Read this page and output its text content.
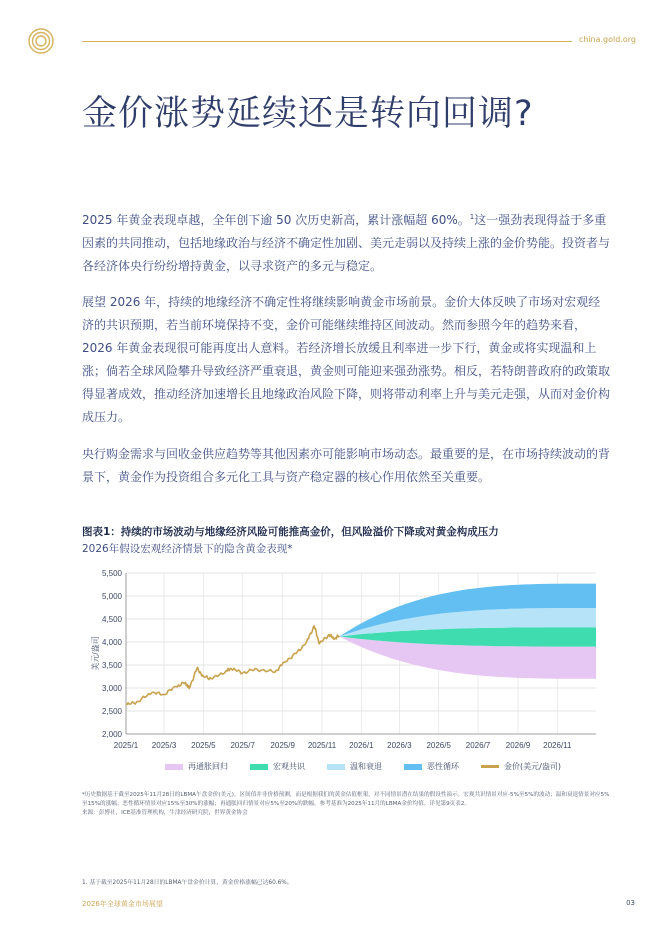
china.gold.org
金价涨势延续还是转向回调?
2025 年黄金表现卓越，全年创下逾 50 次历史新高，累计涨幅超 60%。$^1$这一强劲表现得益于多重因素的共同推动，包括地缘政治与经济不确定性加剧、美元走弱以及持续上涨的金价势能。投资者与各经济体央行纷纷增持黄金，以寻求资产的多元与稳定。
展望 2026 年，持续的地缘经济不确定性将继续影响黄金市场前景。金价大体反映了市场对宏观经济的共识预期，若当前环境保持不变，金价可能继续维持区间波动。然而参照今年的趋势来看，2026 年黄金表现很可能再度出人意料。若经济增长放缓且利率进一步下行，黄金或将实现温和上涨；倘若全球风险攀升导致经济严重衰退，黄金则可能迎来强劲涨势。相反，若特朗普政府的政策取得显著成效，推动经济加速增长且地缘政治风险下降，则将带动利率上升与美元走强，从而对金价构成压力。
央行购金需求与回收金供应趋势等其他因素亦可能影响市场动态。最重要的是，在市场持续波动的背景下，黄金作为投资组合多元化工具与资产稳定器的核心作用依然至关重要。
图表1：持续的市场波动与地缘经济风险可能推高金价，但风险溢价下降或对黄金构成压力
2026年假设宏观经济情景下的隐含黄金表现*
2,000
2,500
3,000
3,500
4,000
4,500
5,000
5,500
2025/1 2025/3 2025/5 2025/7 2025/9 2025/11 2026/1 2026/3 2026/5 2026/7 2026/9 2026/11
美元/盎司
再通胀回归	宏观共识	温和衰退	恶性循环	金价(美元/盎司)
*历史数据基于截至2025年11月28日的LBMA午盘金价(美元)。区间值并非价格预测，而是根据我们的黄金估值框架，对不同情景潜在结果的假设性演示。宏观共识情景对应-5%至5%的波动；温和衰退情景对应5%至15%的涨幅；恶性循环情景对应15%至30%的涨幅；再通胀回归情景对应5%至20%的跌幅。参考基准为2025年11月的LBMA金价均值。详见第9页表2。
来源：彭博社，ICE基准管理机构，牛津经济研究院，世界黄金协会
1. 基于截至2025年11月28日的LBMA午盘金价计算，黄金价格涨幅已达60.6%。
2026年全球黄金市场展望	03
